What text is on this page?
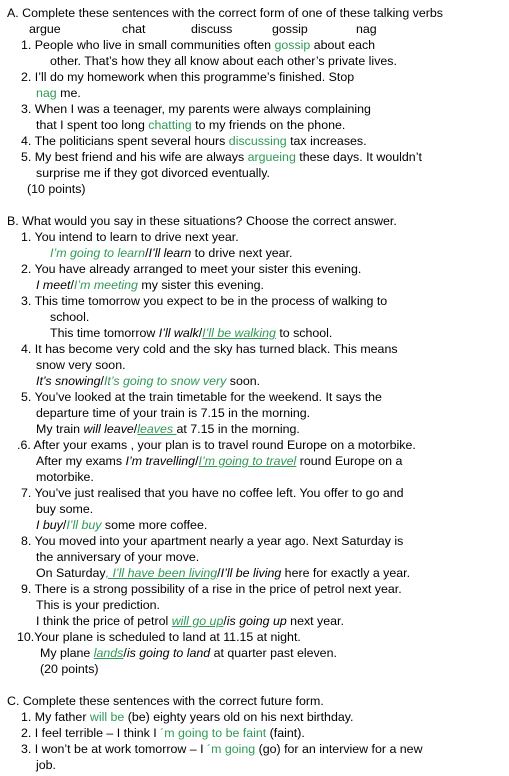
A. Complete these sentences with the correct form of one of these talking verbs
argue	chat	discuss	gossip	nag
1. People who live in small communities often gossip about each
other. That’s how they all know about each other’s private lives.
2. I’ll do my homework when this programme’s finished. Stop
nag me.
3. When I was a teenager, my parents were always complaining
that I spent too long chatting to my friends on the phone.
4. The politicians spent several hours discussing tax increases.
5. My best friend and his wife are always argueing these days. It wouldn’t
surprise me if they got divorced eventually.
(10 points)
B. What would you say in these situations? Choose the correct answer.
1. You intend to learn to drive next year.
I’m going to learn/I’ll learn to drive next year.
2. You have already arranged to meet your sister this evening.
I meet/I’m meeting my sister this evening.
3. This time tomorrow you expect to be in the process of walking to
school.
This time tomorrow I’ll walk/I’ll be walking to school.
4. It has become very cold and the sky has turned black. This means
snow very soon.
It’s snowing/It’s going to snow very soon.
5. You’ve looked at the train timetable for the weekend. It says the
departure time of your train is 7.15 in the morning.
My train will leave/leaves at 7.15 in the morning.
.6. After your exams , your plan is to travel round Europe on a motorbike.
After my exams I’m travelling/I’m going to travel round Europe on a
motorbike.
7. You’ve just realised that you have no coffee left. You offer to go and
buy some.
I buy/I’ll buy some more coffee.
8. You moved into your apartment nearly a year ago. Next Saturday is
the anniversary of your move.
On Saturday, I’ll have been living/I’ll be living here for exactly a year.
9. There is a strong possibility of a rise in the price of petrol next year.
This is your prediction.
I think the price of petrol will go up/is going up next year.
10.Your plane is scheduled to land at 11.15 at night.
My plane lands/is going to land at quarter past eleven.
(20 points)
C. Complete these sentences with the correct future form.
1. My father will be (be) eighty years old on his next birthday.
2. I feel terrible – I think I ´m going to be faint (faint).
3. I won’t be at work tomorrow – I ´m going (go) for an interview for a new
job.
